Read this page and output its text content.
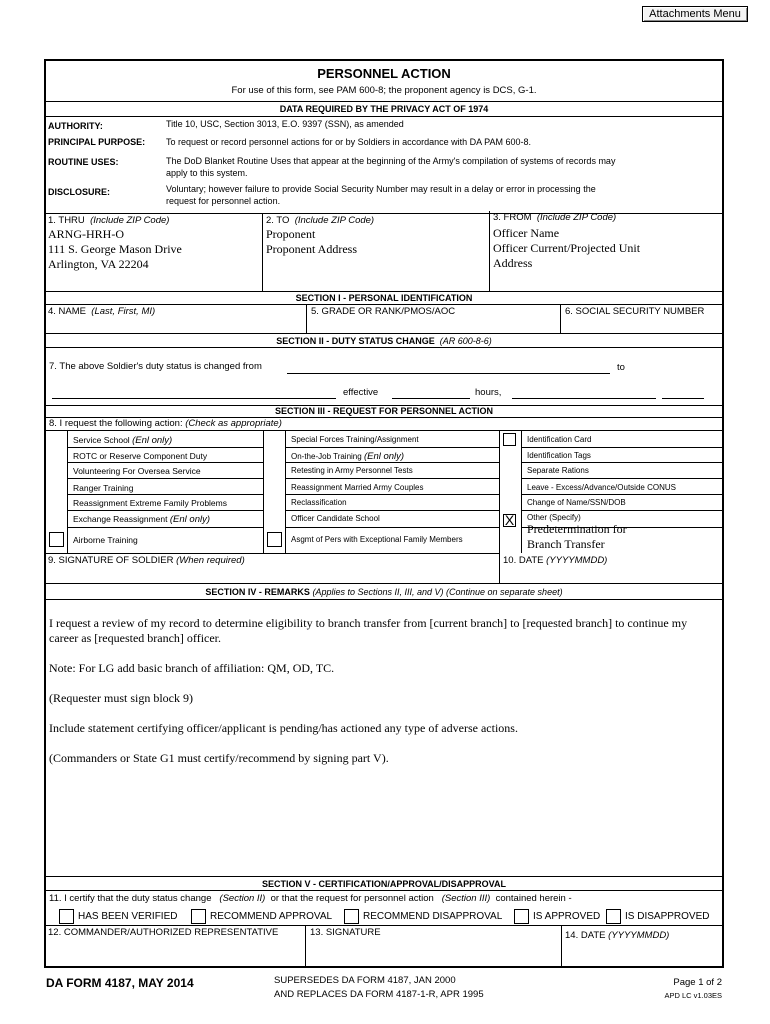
Attachments Menu
PERSONNEL ACTION
For use of this form, see PAM 600-8; the proponent agency is DCS, G-1.
DATA REQUIRED BY THE PRIVACY ACT OF 1974
AUTHORITY:	Title 10, USC, Section 3013, E.O. 9397 (SSN), as amended
PRINCIPAL PURPOSE: To request or record personnel actions for or by Soldiers in accordance with DA PAM 600-8.
ROUTINE USES:	The DoD Blanket Routine Uses that appear at the beginning of the Army's compilation of systems of records may
apply to this system.
DISCLOSURE:	Voluntary; however failure to provide Social Security Number may result in a delay or error in processing the
request for personnel action.
1. THRU (Include ZIP Code)
ARNG-HRH-O
111 S. George Mason Drive
Arlington, VA 22204
2. TO (Include ZIP Code)
Proponent
Proponent Address
3. FROM (Include ZIP Code)
Officer Name
Officer Current/Projected Unit
Address
SECTION I - PERSONAL IDENTIFICATION
4. NAME (Last, First, MI)	5. GRADE OR RANK/PMOS/AOC	6. SOCIAL SECURITY NUMBER
SECTION II - DUTY STATUS CHANGE (AR 600-8-6)
7. The above Soldier's duty status is changed from	to
effective	hours,
SECTION III - REQUEST FOR PERSONNEL ACTION
8. I request the following action: (Check as appropriate)
Service School (Enl only)
ROTC or Reserve Component Duty
Volunteering For Oversea Service
Ranger Training
Reassignment Extreme Family Problems
Exchange Reassignment (Enl only)
Airborne Training
Special Forces Training/Assignment
On-the-Job Training (Enl only)
Retesting in Army Personnel Tests
Reassignment Married Army Couples
Reclassification
Officer Candidate School
Asgmt of Pers with Exceptional Family Members
Identification Card
Identification Tags
Separate Rations
Leave - Excess/Advance/Outside CONUS
Change of Name/SSN/DOB
Other (Specify)
Predetermination for
Branch Transfer
X
9. SIGNATURE OF SOLDIER (When required)	10. DATE (YYYYMMDD)
SECTION IV - REMARKS (Applies to Sections II, III, and V) (Continue on separate sheet)
I request a review of my record to determine eligibility to branch transfer from [current branch] to [requested branch] to continue my
career as [requested branch] officer.
Note: For LG add basic branch of affiliation: QM, OD, TC.
(Requester must sign block 9)
Include statement certifying officer/applicant is pending/has actioned any type of adverse actions.
(Commanders or State G1 must certify/recommend by signing part V).
SECTION V - CERTIFICATION/APPROVAL/DISAPPROVAL
11. I certify that the duty status change (Section II) or that the request for personnel action (Section III) contained herein -
HAS BEEN VERIFIED	RECOMMEND APPROVAL	RECOMMEND DISAPPROVAL	IS APPROVED IS DISAPPROVED
12. COMMANDER/AUTHORIZED REPRESENTATIVE	13. SIGNATURE	14. DATE (YYYYMMDD)
DA FORM 4187, MAY 2014	SUPERSEDES DA FORM 4187, JAN 2000
AND REPLACES DA FORM 4187-1-R, APR 1995
Page 1 of 2
APD LC v1.03ES
